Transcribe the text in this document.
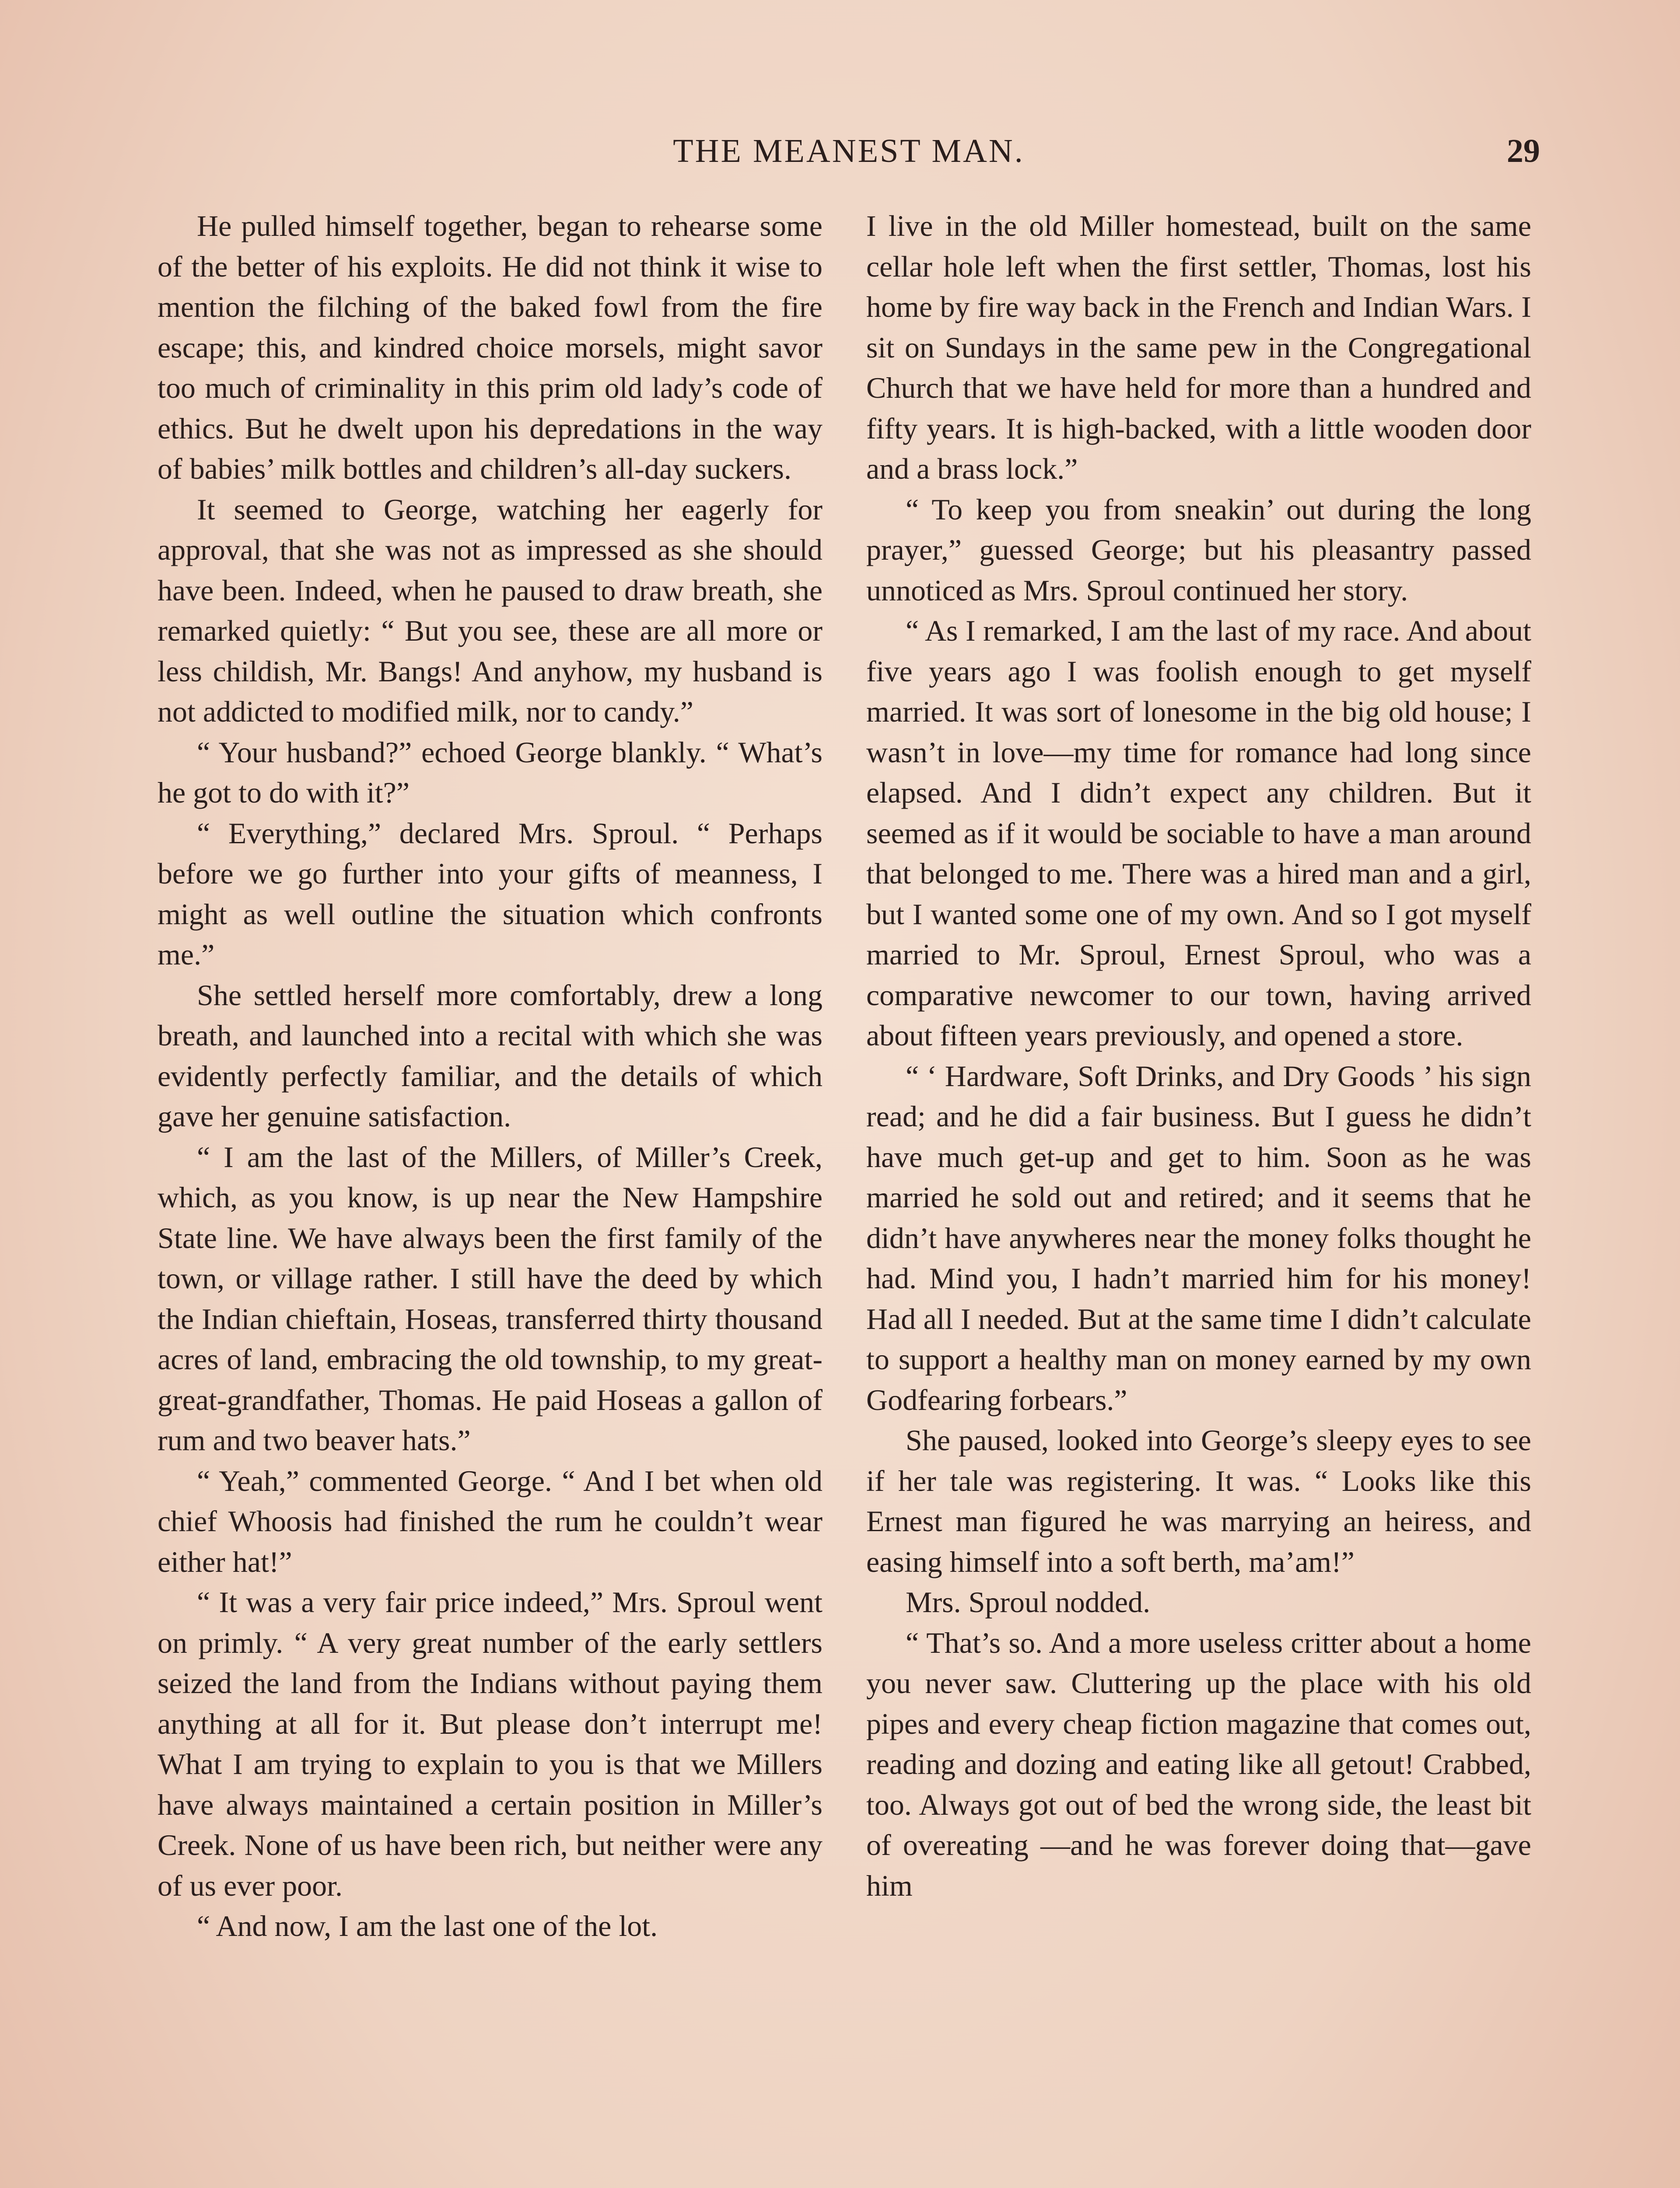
THE MEANEST MAN.	29

He pulled himself together, began to rehearse some of the better of his exploits. He did not think it wise to mention the filching of the baked fowl from the fire escape; this, and kindred choice morsels, might savor too much of criminality in this prim old lady’s code of ethics. But he dwelt upon his depredations in the way of babies’ milk bottles and children’s all-day suckers.

It seemed to George, watching her eagerly for approval, that she was not as impressed as she should have been. Indeed, when he paused to draw breath, she remarked quietly: “ But you see, these are all more or less childish, Mr. Bangs! And anyhow, my husband is not addicted to modified milk, nor to candy.”

“ Your husband?” echoed George blankly. “ What’s he got to do with it?”

“ Everything,” declared Mrs. Sproul. “ Perhaps before we go further into your gifts of meanness, I might as well outline the situation which confronts me.”

She settled herself more comfortably, drew a long breath, and launched into a recital with which she was evidently perfectly familiar, and the details of which gave her genuine satisfaction.

“ I am the last of the Millers, of Miller’s Creek, which, as you know, is up near the New Hampshire State line. We have always been the first family of the town, or village rather. I still have the deed by which the Indian chieftain, Hoseas, transferred thirty thousand acres of land, embracing the old township, to my great-great-grandfather, Thomas. He paid Hoseas a gallon of rum and two beaver hats.”

“ Yeah,” commented George. “ And I bet when old chief Whoosis had finished the rum he couldn’t wear either hat!”

“ It was a very fair price indeed,” Mrs. Sproul went on primly. “ A very great number of the early settlers seized the land from the Indians without paying them anything at all for it. But please don’t interrupt me! What I am trying to explain to you is that we Millers have always maintained a certain position in Miller’s Creek. None of us have been rich, but neither were any of us ever poor.

“ And now, I am the last one of the lot.

I live in the old Miller homestead, built on the same cellar hole left when the first settler, Thomas, lost his home by fire way back in the French and Indian Wars. I sit on Sundays in the same pew in the Congregational Church that we have held for more than a hundred and fifty years. It is high-backed, with a little wooden door and a brass lock.”

“ To keep you from sneakin’ out during the long prayer,” guessed George; but his pleasantry passed unnoticed as Mrs. Sproul continued her story.

“ As I remarked, I am the last of my race. And about five years ago I was foolish enough to get myself married. It was sort of lonesome in the big old house; I wasn’t in love—my time for romance had long since elapsed. And I didn’t expect any children. But it seemed as if it would be sociable to have a man around that belonged to me. There was a hired man and a girl, but I wanted some one of my own. And so I got myself married to Mr. Sproul, Ernest Sproul, who was a comparative newcomer to our town, having arrived about fifteen years previously, and opened a store.

“ ‘ Hardware, Soft Drinks, and Dry Goods ’ his sign read; and he did a fair business. But I guess he didn’t have much get-up and get to him. Soon as he was married he sold out and retired; and it seems that he didn’t have anywheres near the money folks thought he had. Mind you, I hadn’t married him for his money! Had all I needed. But at the same time I didn’t calculate to support a healthy man on money earned by my own Godfearing forbears.”

She paused, looked into George’s sleepy eyes to see if her tale was registering. It was. “ Looks like this Ernest man figured he was marrying an heiress, and easing himself into a soft berth, ma’am!”

Mrs. Sproul nodded.

“ That’s so. And a more useless critter about a home you never saw. Cluttering up the place with his old pipes and every cheap fiction magazine that comes out, reading and dozing and eating like all getout! Crabbed, too. Always got out of bed the wrong side, the least bit of overeating —and he was forever doing that—gave him
